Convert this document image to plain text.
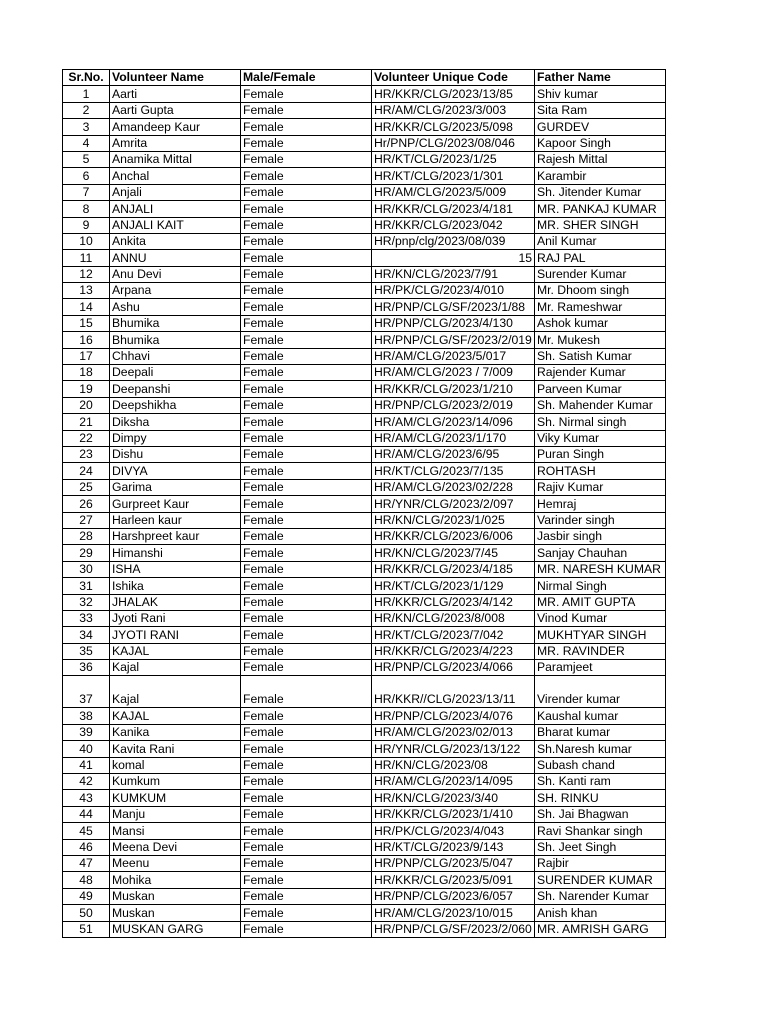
Sr.No.	Volunteer Name	Male/Female	Volunteer Unique Code	Father Name
1	Aarti	Female	HR/KKR/CLG/2023/13/85	Shiv kumar
2	Aarti Gupta	Female	HR/AM/CLG/2023/3/003	Sita Ram
3	Amandeep Kaur	Female	HR/KKR/CLG/2023/5/098	GURDEV
4	Amrita	Female	Hr/PNP/CLG/2023/08/046	Kapoor Singh
5	Anamika Mittal	Female	HR/KT/CLG/2023/1/25	Rajesh Mittal
6	Anchal	Female	HR/KT/CLG/2023/1/301	Karambir
7	Anjali	Female	HR/AM/CLG/2023/5/009	Sh. Jitender Kumar
8	ANJALI	Female	HR/KKR/CLG/2023/4/181	MR. PANKAJ KUMAR
9	ANJALI KAIT	Female	HR/KKR/CLG/2023/042	MR. SHER SINGH
10	Ankita	Female	HR/pnp/clg/2023/08/039	Anil Kumar
11	ANNU	Female	15	RAJ PAL
12	Anu Devi	Female	HR/KN/CLG/2023/7/91	Surender Kumar
13	Arpana	Female	HR/PK/CLG/2023/4/010	Mr. Dhoom singh
14	Ashu	Female	HR/PNP/CLG/SF/2023/1/88	Mr. Rameshwar
15	Bhumika	Female	HR/PNP/CLG/2023/4/130	Ashok kumar
16	Bhumika	Female	HR/PNP/CLG/SF/2023/2/019	Mr. Mukesh
17	Chhavi	Female	HR/AM/CLG/2023/5/017	Sh. Satish Kumar
18	Deepali	Female	HR/AM/CLG/2023 / 7/009	Rajender Kumar
19	Deepanshi	Female	HR/KKR/CLG/2023/1/210	Parveen Kumar
20	Deepshikha	Female	HR/PNP/CLG/2023/2/019	Sh. Mahender Kumar
21	Diksha	Female	HR/AM/CLG/2023/14/096	Sh. Nirmal singh
22	Dimpy	Female	HR/AM/CLG/2023/1/170	Viky Kumar
23	Dishu	Female	HR/AM/CLG/2023/6/95	Puran Singh
24	DIVYA	Female	HR/KT/CLG/2023/7/135	ROHTASH
25	Garima	Female	HR/AM/CLG/2023/02/228	Rajiv Kumar
26	Gurpreet Kaur	Female	HR/YNR/CLG/2023/2/097	Hemraj
27	Harleen kaur	Female	HR/KN/CLG/2023/1/025	Varinder singh
28	Harshpreet kaur	Female	HR/KKR/CLG/2023/6/006	Jasbir singh
29	Himanshi	Female	HR/KN/CLG/2023/7/45	Sanjay Chauhan
30	ISHA	Female	HR/KKR/CLG/2023/4/185	MR. NARESH KUMAR
31	Ishika	Female	HR/KT/CLG/2023/1/129	Nirmal Singh
32	JHALAK	Female	HR/KKR/CLG/2023/4/142	MR. AMIT GUPTA
33	Jyoti Rani	Female	HR/KN/CLG/2023/8/008	Vinod Kumar
34	JYOTI RANI	Female	HR/KT/CLG/2023/7/042	MUKHTYAR SINGH
35	KAJAL	Female	HR/KKR/CLG/2023/4/223	MR. RAVINDER
36	Kajal	Female	HR/PNP/CLG/2023/4/066	Paramjeet
37	Kajal	Female	HR/KKR//CLG/2023/13/11	Virender kumar
38	KAJAL	Female	HR/PNP/CLG/2023/4/076	Kaushal kumar
39	Kanika	Female	HR/AM/CLG/2023/02/013	Bharat kumar
40	Kavita Rani	Female	HR/YNR/CLG/2023/13/122	Sh.Naresh kumar
41	komal	Female	HR/KN/CLG/2023/08	Subash chand
42	Kumkum	Female	HR/AM/CLG/2023/14/095	Sh. Kanti ram
43	KUMKUM	Female	HR/KN/CLG/2023/3/40	SH. RINKU
44	Manju	Female	HR/KKR/CLG/2023/1/410	Sh. Jai Bhagwan
45	Mansi	Female	HR/PK/CLG/2023/4/043	Ravi Shankar singh
46	Meena Devi	Female	HR/KT/CLG/2023/9/143	Sh. Jeet Singh
47	Meenu	Female	HR/PNP/CLG/2023/5/047	Rajbir
48	Mohika	Female	HR/KKR/CLG/2023/5/091	SURENDER KUMAR
49	Muskan	Female	HR/PNP/CLG/2023/6/057	Sh. Narender Kumar
50	Muskan	Female	HR/AM/CLG/2023/10/015	Anish khan
51	MUSKAN GARG	Female	HR/PNP/CLG/SF/2023/2/060	MR. AMRISH GARG
